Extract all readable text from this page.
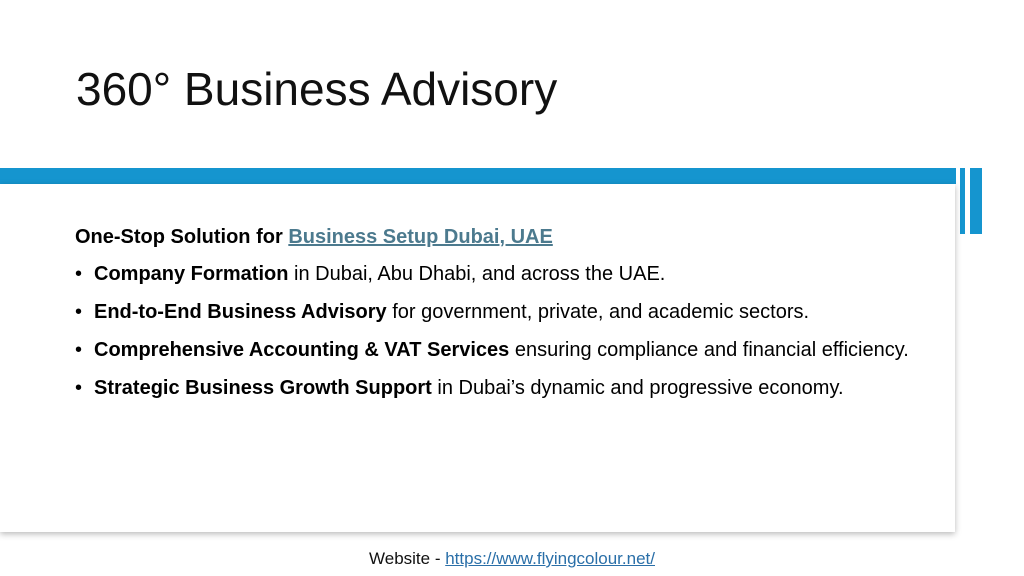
360° Business Advisory
One-Stop Solution for Business Setup Dubai, UAE
• Company Formation in Dubai, Abu Dhabi, and across the UAE.
• End-to-End Business Advisory for government, private, and academic sectors.
• Comprehensive Accounting & VAT Services ensuring compliance and financial efficiency.
• Strategic Business Growth Support in Dubai’s dynamic and progressive economy.
Website - https://www.flyingcolour.net/
